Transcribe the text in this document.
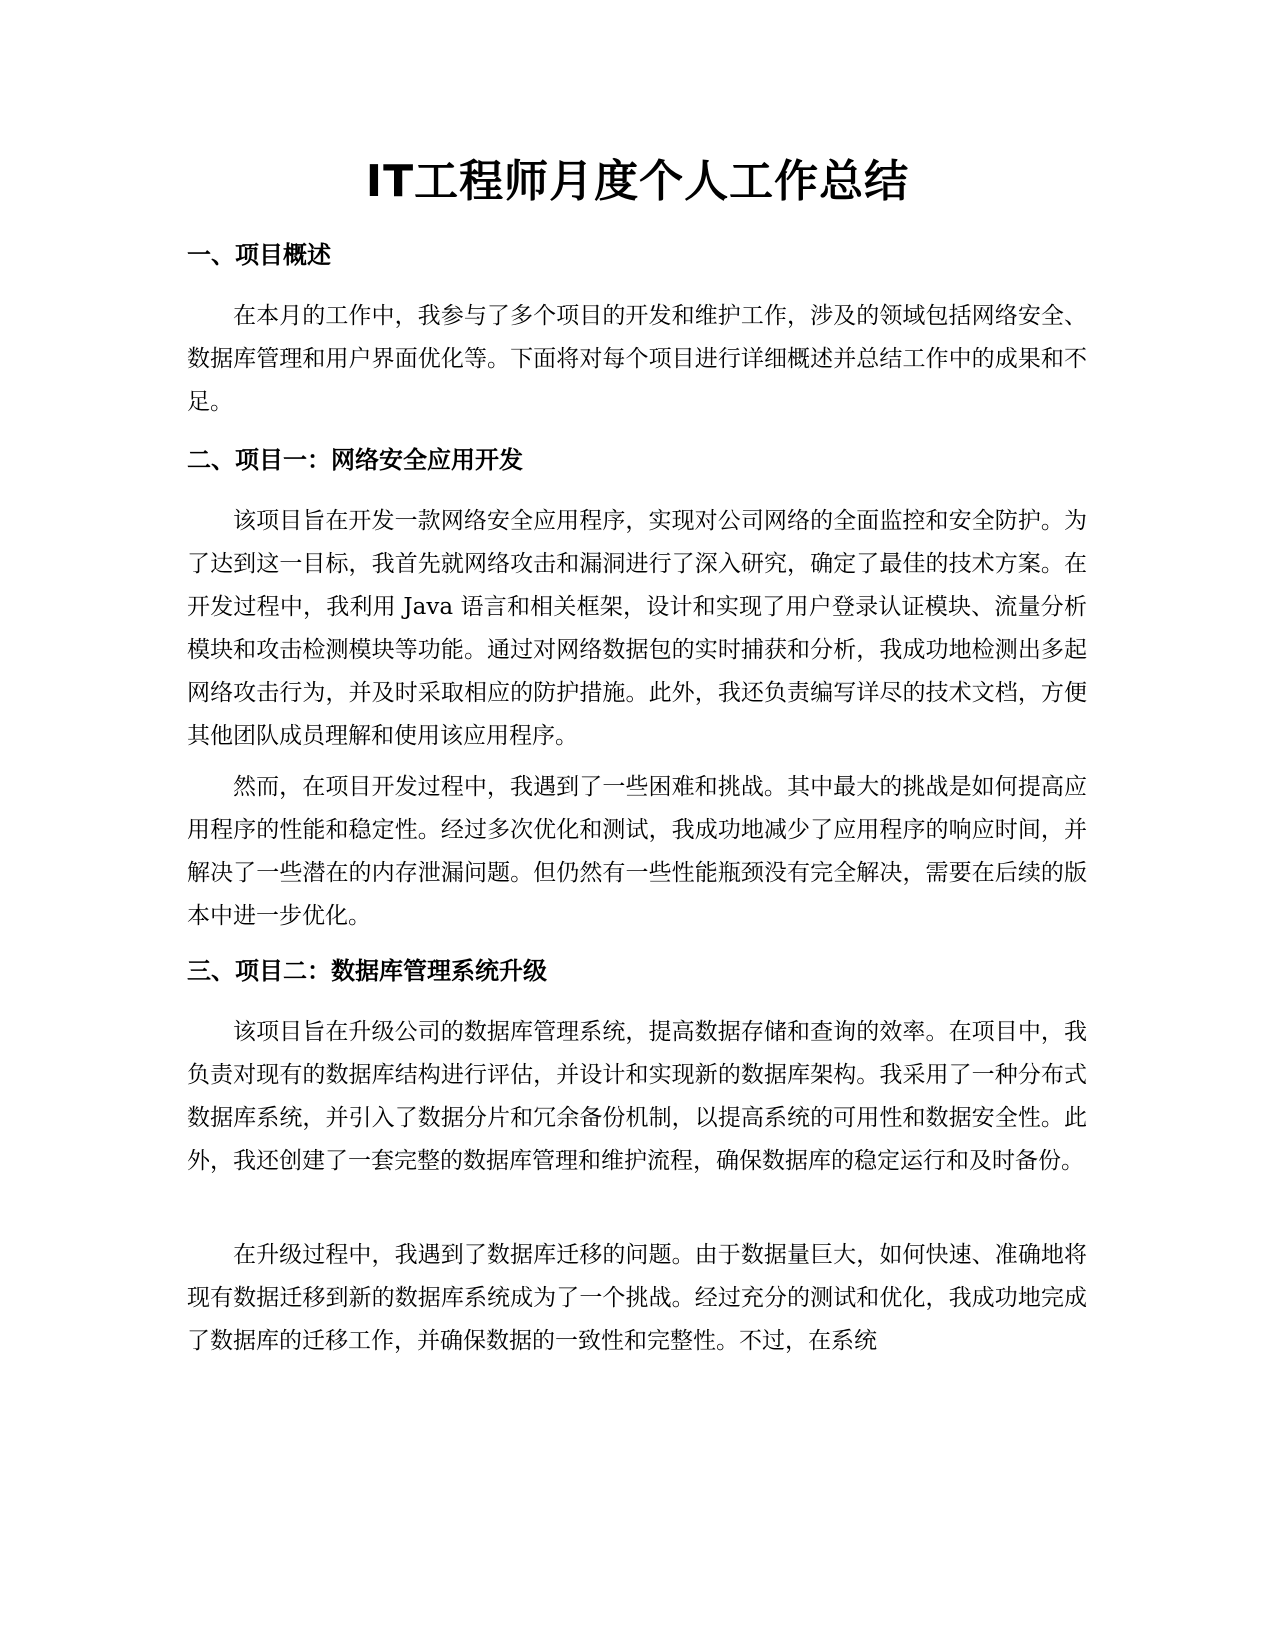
IT工程师月度个人工作总结
一、项目概述

在本月的工作中，我参与了多个项目的开发和维护工作，涉及的领域包括网络安全、数据库管理和用户界面优化等。下面将对每个项目进行详细概述并总结工作中的成果和不足。

二、项目一：网络安全应用开发

该项目旨在开发一款网络安全应用程序，实现对公司网络的全面监控和安全防护。为了达到这一目标，我首先就网络攻击和漏洞进行了深入研究，确定了最佳的技术方案。在开发过程中，我利用 Java 语言和相关框架，设计和实现了用户登录认证模块、流量分析模块和攻击检测模块等功能。通过对网络数据包的实时捕获和分析，我成功地检测出多起网络攻击行为，并及时采取相应的防护措施。此外，我还负责编写详尽的技术文档，方便其他团队成员理解和使用该应用程序。

然而，在项目开发过程中，我遇到了一些困难和挑战。其中最大的挑战是如何提高应用程序的性能和稳定性。经过多次优化和测试，我成功地减少了应用程序的响应时间，并解决了一些潜在的内存泄漏问题。但仍然有一些性能瓶颈没有完全解决，需要在后续的版本中进一步优化。

三、项目二：数据库管理系统升级

该项目旨在升级公司的数据库管理系统，提高数据存储和查询的效率。在项目中，我负责对现有的数据库结构进行评估，并设计和实现新的数据库架构。我采用了一种分布式数据库系统，并引入了数据分片和冗余备份机制，以提高系统的可用性和数据安全性。此外，我还创建了一套完整的数据库管理和维护流程，确保数据库的稳定运行和及时备份。

在升级过程中，我遇到了数据库迁移的问题。由于数据量巨大，如何快速、准确地将现有数据迁移到新的数据库系统成为了一个挑战。经过充分的测试和优化，我成功地完成了数据库的迁移工作，并确保数据的一致性和完整性。不过，在系统
